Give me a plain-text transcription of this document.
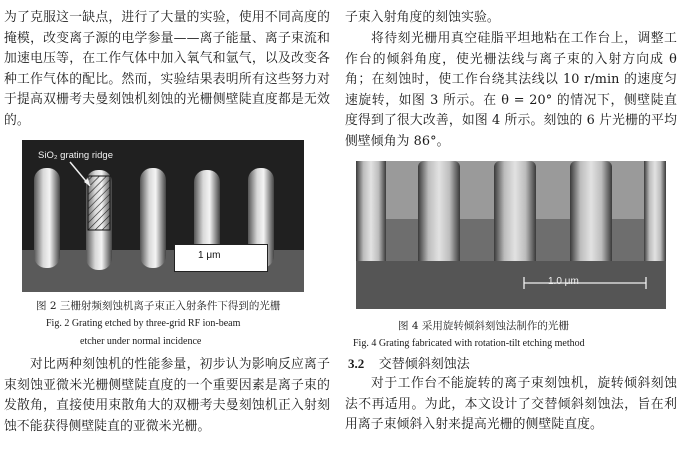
为了克服这一缺点，进行了大量的实验，使用不同高度的掩模，改变离子源的电学参量——离子能量、离子束流和加速电压等，在工作气体中加入氧气和氩气，以及改变各种工作气体的配比。然而，实验结果表明所有这些努力对于提高双栅考夫曼刻蚀机刻蚀的光栅侧壁陡直度都是无效的。

SiO₂ grating ridge
1 μm
图 2 三栅射频刻蚀机离子束正入射条件下得到的光栅
Fig. 2 Grating etched by three-grid RF ion-beam
etcher under normal incidence

对比两种刻蚀机的性能参量，初步认为影响反应离子束刻蚀亚微米光栅侧壁陡直度的一个重要因素是离子束的发散角，直接使用束散角大的双栅考夫曼刻蚀机正入射刻蚀不能获得侧壁陡直的亚微米光栅。

子束入射角度的刻蚀实验。

将待刻光栅用真空硅脂平坦地粘在工作台上，调整工作台的倾斜角度，使光栅法线与离子束的入射方向成 θ 角；在刻蚀时，使工作台绕其法线以 10 r/min 的速度匀速旋转，如图 3 所示。在 θ = 20° 的情况下，侧壁陡直度得到了很大改善，如图 4 所示。刻蚀的 6 片光栅的平均侧壁倾角为 86°。

1.0 μm
图 4 采用旋转倾斜刻蚀法制作的光栅
Fig. 4 Grating fabricated with rotation-tilt etching method
3.2 交替倾斜刻蚀法

对于工作台不能旋转的离子束刻蚀机，旋转倾斜刻蚀法不再适用。为此，本文设计了交替倾斜刻蚀法，旨在利用离子束倾斜入射来提高光栅的侧壁陡直度。
